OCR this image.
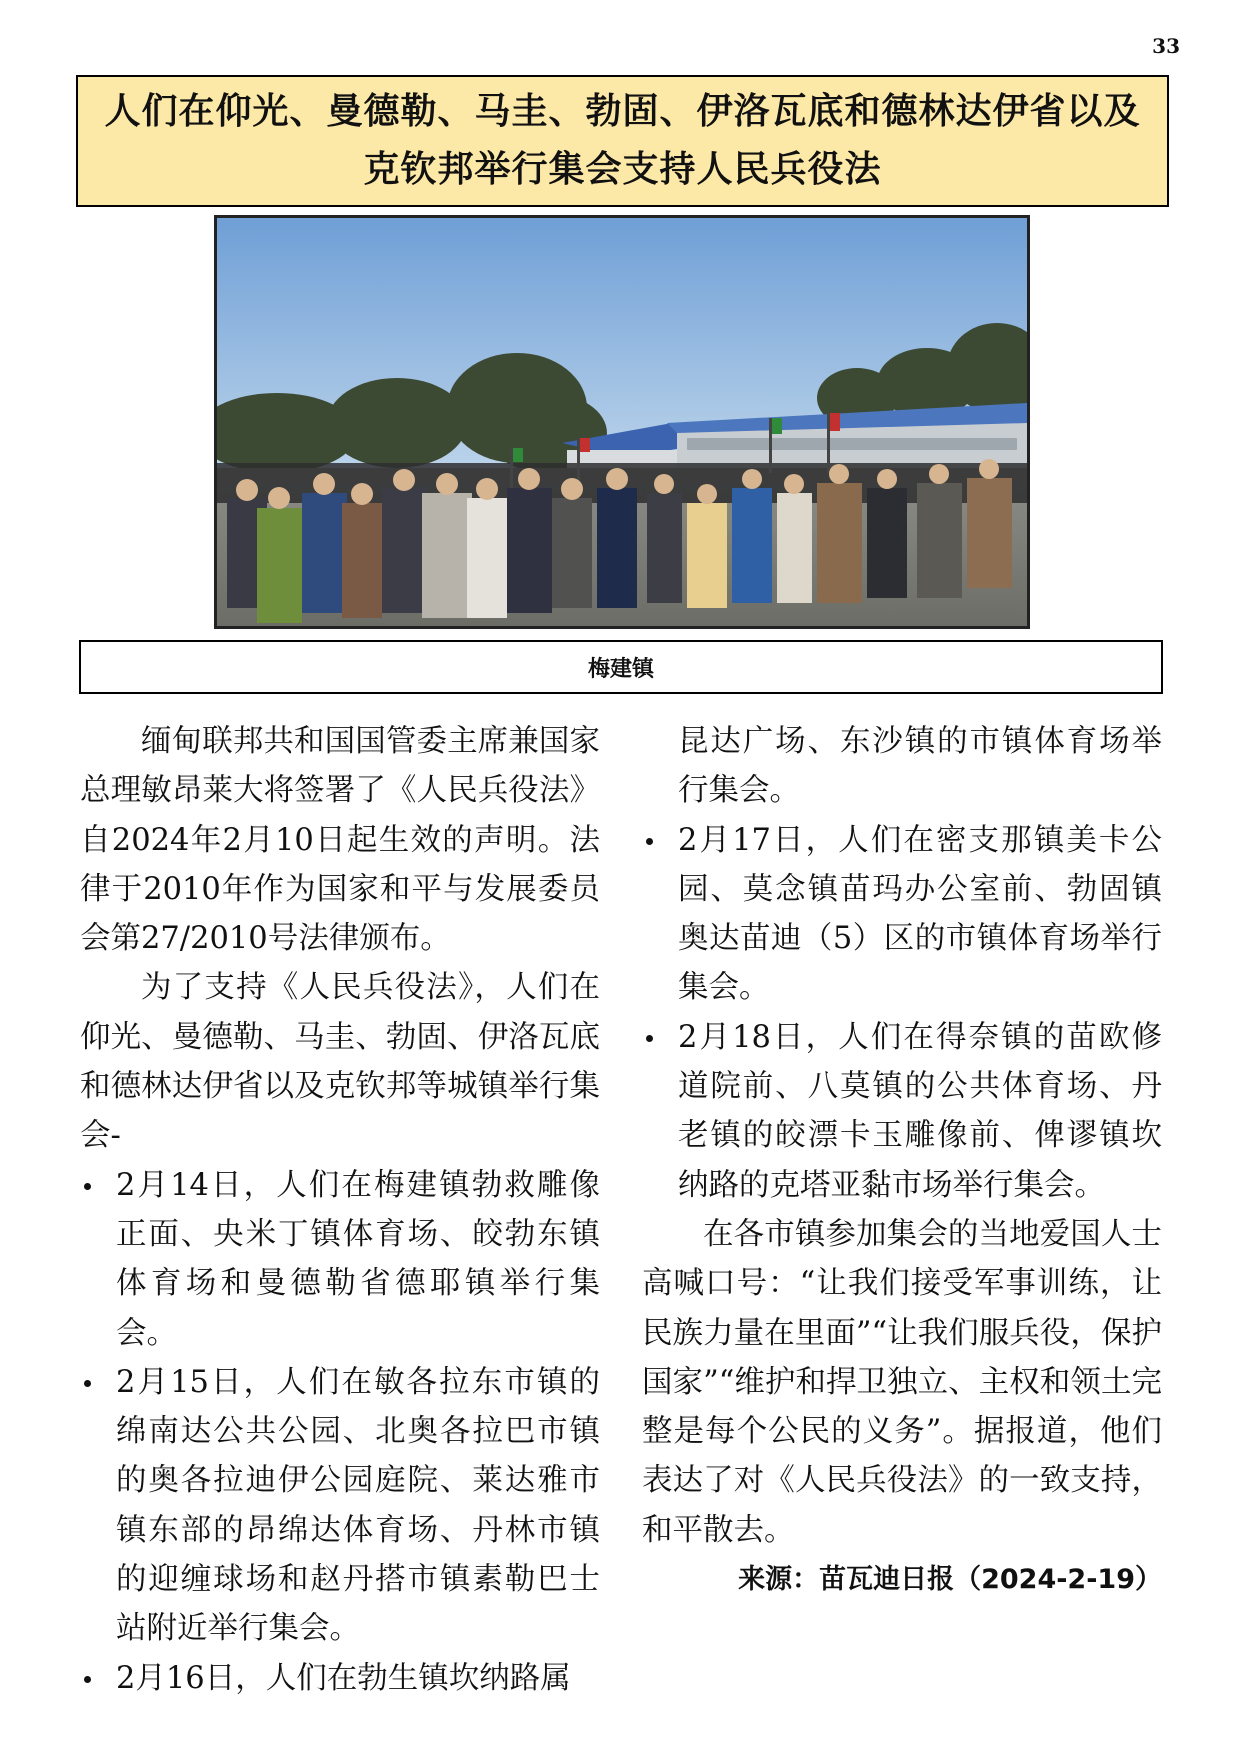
33
人们在仰光、曼德勒、马圭、勃固、伊洛瓦底和德林达伊省以及
克钦邦举行集会支持人民兵役法
梅建镇

缅甸联邦共和国国管委主席兼国家总理敏昂莱大将签署了《人民兵役法》自2024年2月10日起生效的声明。法律于2010年作为国家和平与发展委员会第27/2010号法律颁布。

为了支持《人民兵役法》，人们在仰光、曼德勒、马圭、勃固、伊洛瓦底和德林达伊省以及克钦邦等城镇举行集会-

2月14日，人们在梅建镇勃救雕像正面、央米丁镇体育场、皎勃东镇体育场和曼德勒省德耶镇举行集会。
2月15日，人们在敏各拉东市镇的绵南达公共公园、北奥各拉巴市镇的奥各拉迪伊公园庭院、莱达雅市镇东部的昂绵达体育场、丹林市镇的迎缠球场和赵丹搭市镇素勒巴士站附近举行集会。
2月16日，人们在勃生镇坎纳路属

昆达广场、东沙镇的市镇体育场举行集会。

2月17日，人们在密支那镇美卡公园、莫念镇苗玛办公室前、勃固镇奥达苗迪（5）区的市镇体育场举行集会。
2月18日，人们在得奈镇的苗欧修道院前、八莫镇的公共体育场、丹老镇的皎漂卡玉雕像前、俾谬镇坎纳路的克塔亚黏市场举行集会。

在各市镇参加集会的当地爱国人士高喊口号：“让我们接受军事训练，让民族力量在里面”“让我们服兵役，保护国家”“维护和捍卫独立、主权和领土完整是每个公民的义务”。据报道，他们表达了对《人民兵役法》的一致支持，和平散去。

来源：苗瓦迪日报（2024-2-19）
